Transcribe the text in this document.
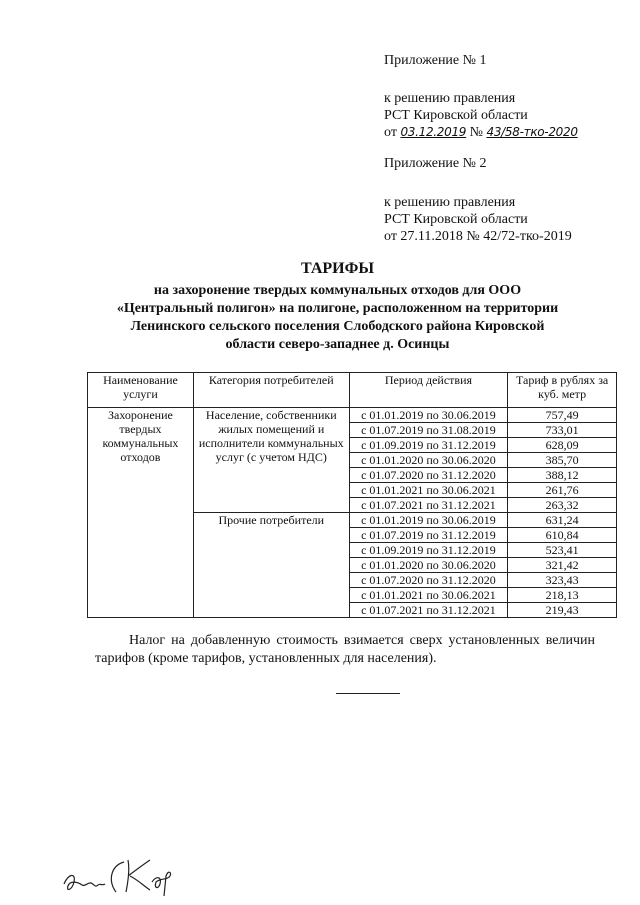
Приложение № 1
к решению правления
РСТ Кировской области
от 03.12.2019 № 43/58-тко-2020
Приложение № 2
к решению правления
РСТ Кировской области
от 27.11.2018 № 42/72-тко-2019
ТАРИФЫ
на захоронение твердых коммунальных отходов для ООО
«Центральный полигон» на полигоне, расположенном на территории
Ленинского сельского поселения Слободского района Кировской
области северо-западнее д. Осинцы
Наименование услуги	Категория потребителей	Период действия	Тариф в рублях за куб. метр
Захоронение твердых коммунальных отходов	Население, собственники жилых помещений и исполнители коммунальных услуг (с учетом НДС)	с 01.01.2019 по 30.06.2019	757,49
		с 01.07.2019 по 31.08.2019	733,01
		с 01.09.2019 по 31.12.2019	628,09
		с 01.01.2020 по 30.06.2020	385,70
		с 01.07.2020 по 31.12.2020	388,12
		с 01.01.2021 по 30.06.2021	261,76
		с 01.07.2021 по 31.12.2021	263,32
	Прочие потребители	с 01.01.2019 по 30.06.2019	631,24
		с 01.07.2019 по 31.12.2019	610,84
		с 01.09.2019 по 31.12.2019	523,41
		с 01.01.2020 по 30.06.2020	321,42
		с 01.07.2020 по 31.12.2020	323,43
		с 01.01.2021 по 30.06.2021	218,13
		с 01.07.2021 по 31.12.2021	219,43
Налог на добавленную стоимость взимается сверх установленных величин тарифов (кроме тарифов, установленных для населения).
